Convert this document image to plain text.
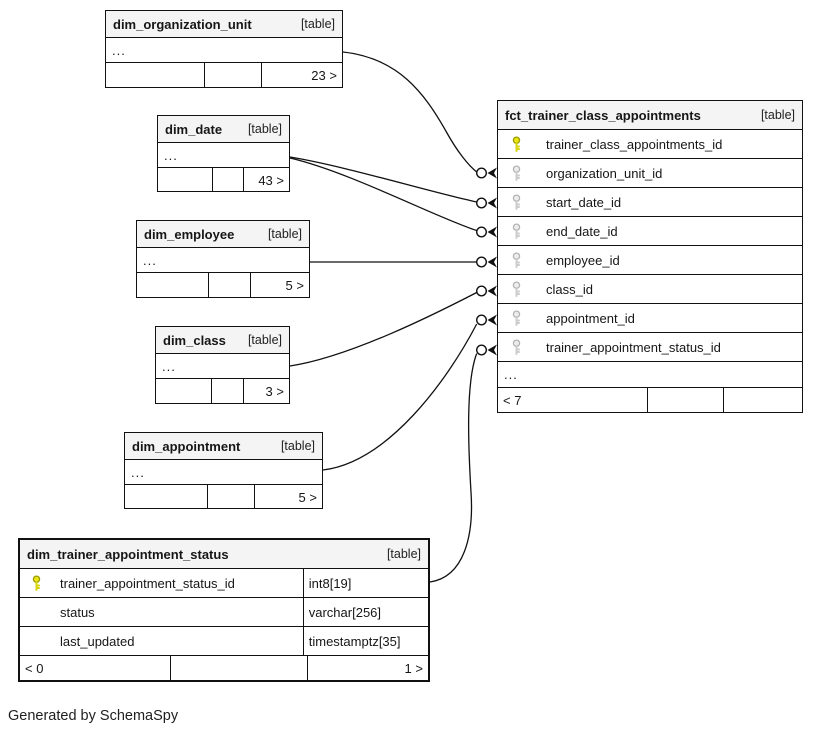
dim_organization_unit	[table]
...
23 >
dim_date [table]
...
43 >
dim_employee	[table]
...
5 >
dim_class [table]
...
3 >
dim_appointment	[table]
...
5 >
dim_trainer_appointment_status	[table]
trainer_appointment_status_id	int8[19]
status	varchar[256]
last_updated	timestamptz[35]
< 0	1 >
fct_trainer_class_appointments	[table]
trainer_class_appointments_id
organization_unit_id
start_date_id
end_date_id
employee_id
class_id
appointment_id
trainer_appointment_status_id
...
< 7
Generated by SchemaSpy
